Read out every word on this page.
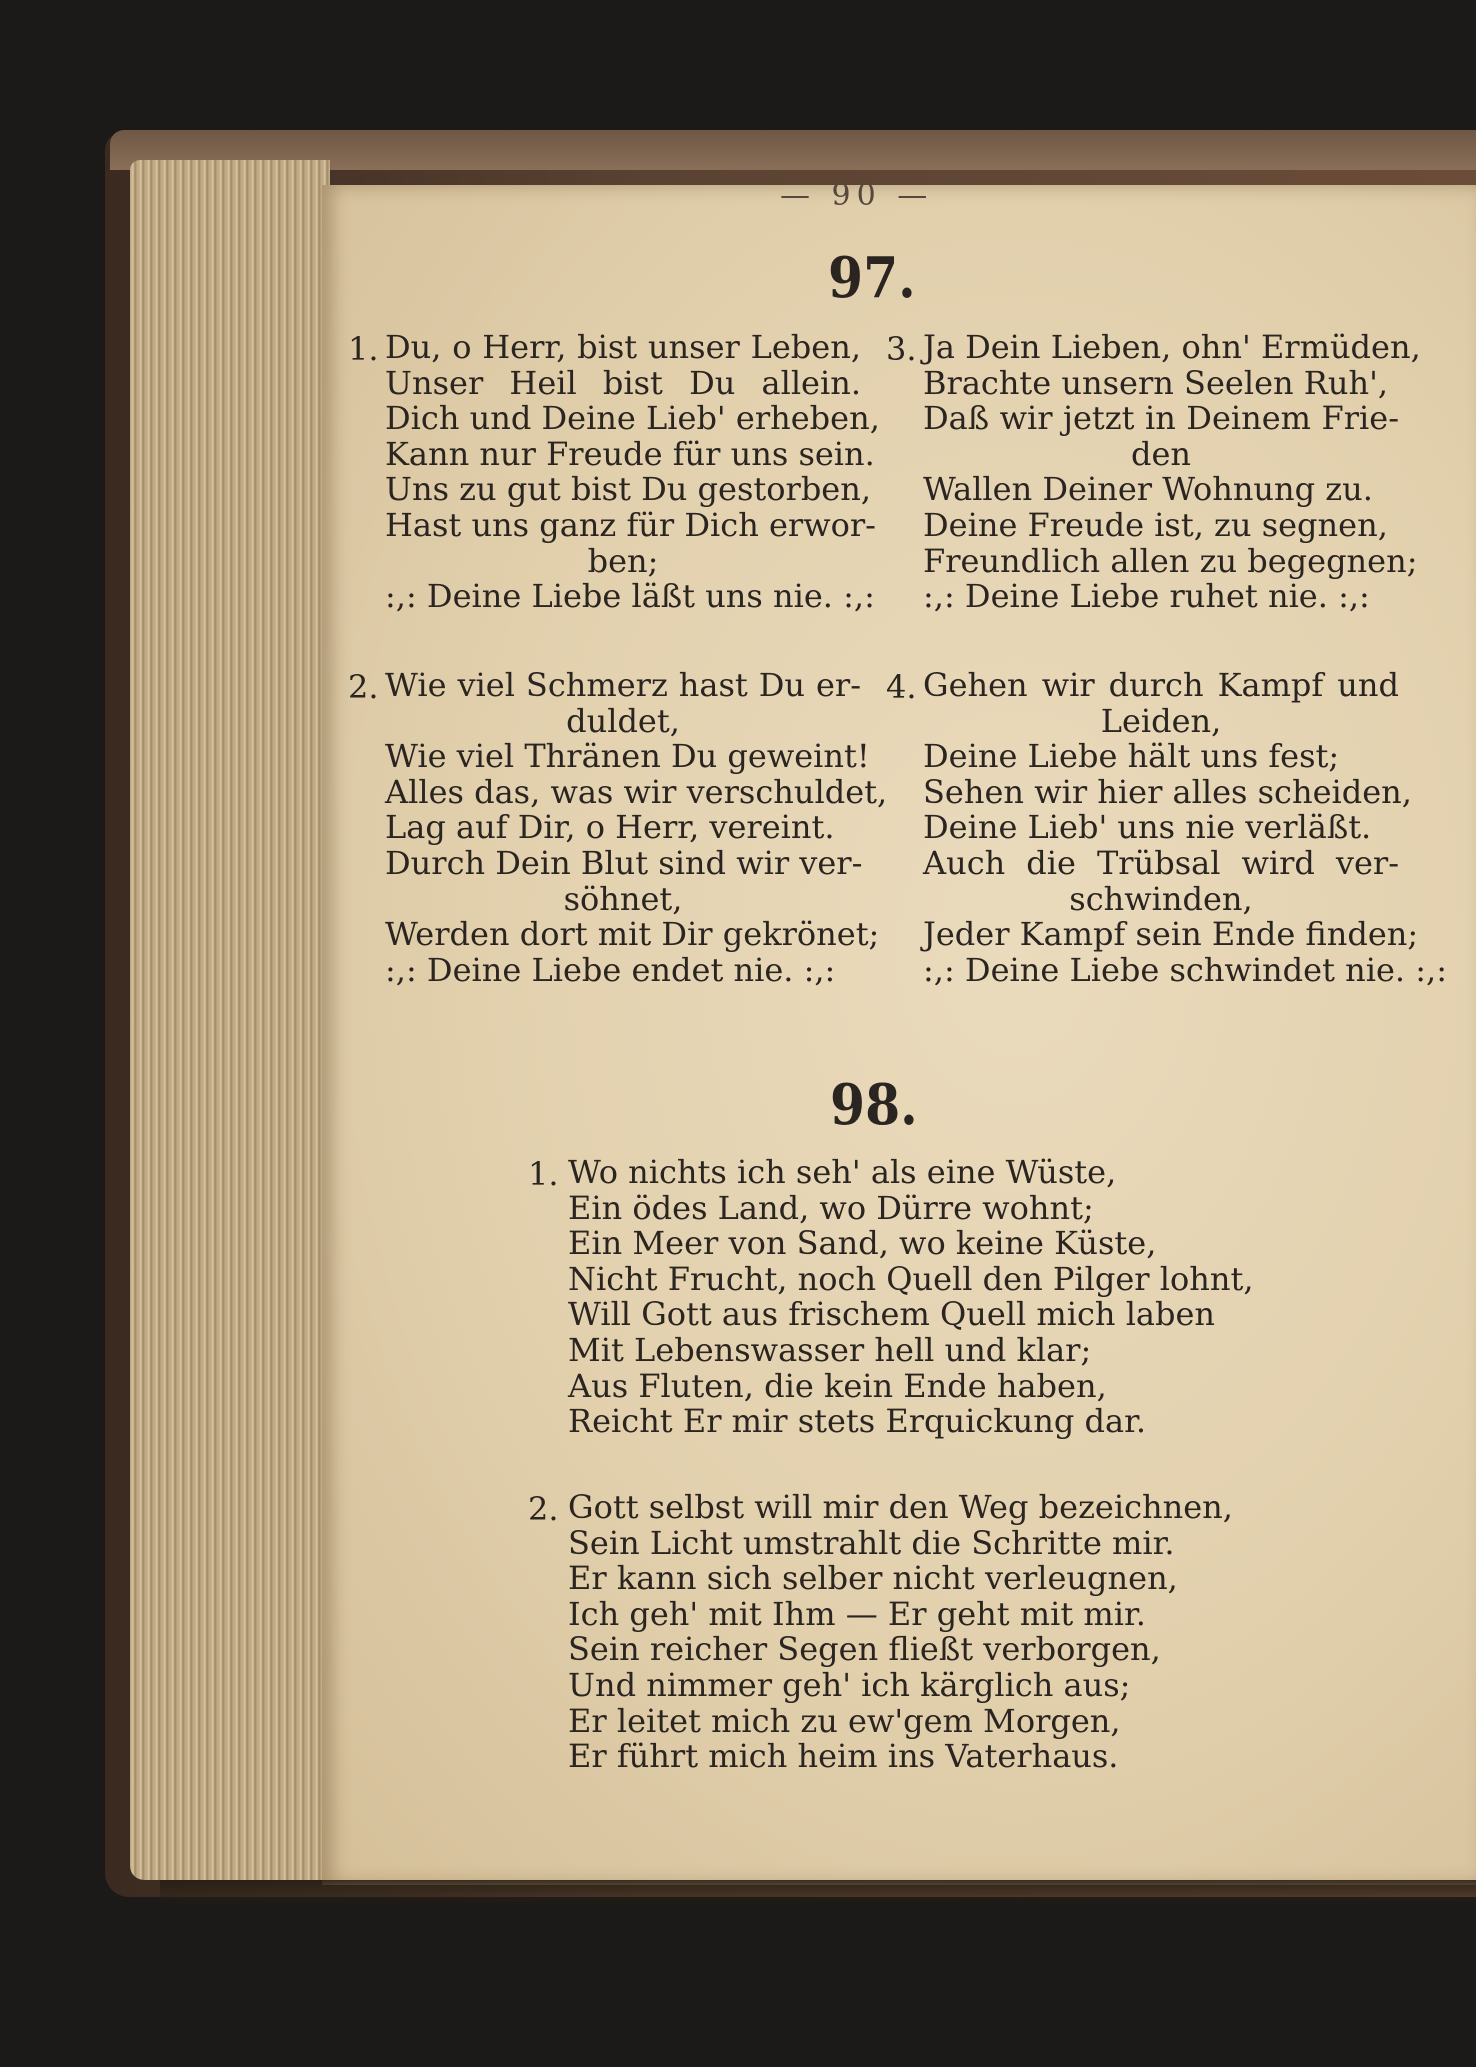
— 90 —
97.
1. Du, o Herr, bist unser Leben,
Unser Heil bist Du allein.
Dich und Deine Lieb' erheben,
Kann nur Freude für uns sein.
Uns zu gut bist Du gestorben,
Hast uns ganz für Dich erwor-
ben;
:,: Deine Liebe läßt uns nie. :,:
3. Ja Dein Lieben, ohn' Ermüden,
Brachte unsern Seelen Ruh',
Daß wir jetzt in Deinem Frie-
den
Wallen Deiner Wohnung zu.
Deine Freude ist, zu segnen,
Freundlich allen zu begegnen;
:,: Deine Liebe ruhet nie. :,:
2. Wie viel Schmerz hast Du er-
duldet,
Wie viel Thränen Du geweint!
Alles das, was wir verschuldet,
Lag auf Dir, o Herr, vereint.
Durch Dein Blut sind wir ver-
söhnet,
Werden dort mit Dir gekrönet;
:,: Deine Liebe endet nie. :,:
4. Gehen wir durch Kampf und
Leiden,
Deine Liebe hält uns fest;
Sehen wir hier alles scheiden,
Deine Lieb' uns nie verläßt.
Auch die Trübsal wird ver-
schwinden,
Jeder Kampf sein Ende finden;
:,: Deine Liebe schwindet nie. :,:
98.
1. Wo nichts ich seh' als eine Wüste,
Ein ödes Land, wo Dürre wohnt;
Ein Meer von Sand, wo keine Küste,
Nicht Frucht, noch Quell den Pilger lohnt,
Will Gott aus frischem Quell mich laben
Mit Lebenswasser hell und klar;
Aus Fluten, die kein Ende haben,
Reicht Er mir stets Erquickung dar.
2. Gott selbst will mir den Weg bezeichnen,
Sein Licht umstrahlt die Schritte mir.
Er kann sich selber nicht verleugnen,
Ich geh' mit Ihm — Er geht mit mir.
Sein reicher Segen fließt verborgen,
Und nimmer geh' ich kärglich aus;
Er leitet mich zu ew'gem Morgen,
Er führt mich heim ins Vaterhaus.
